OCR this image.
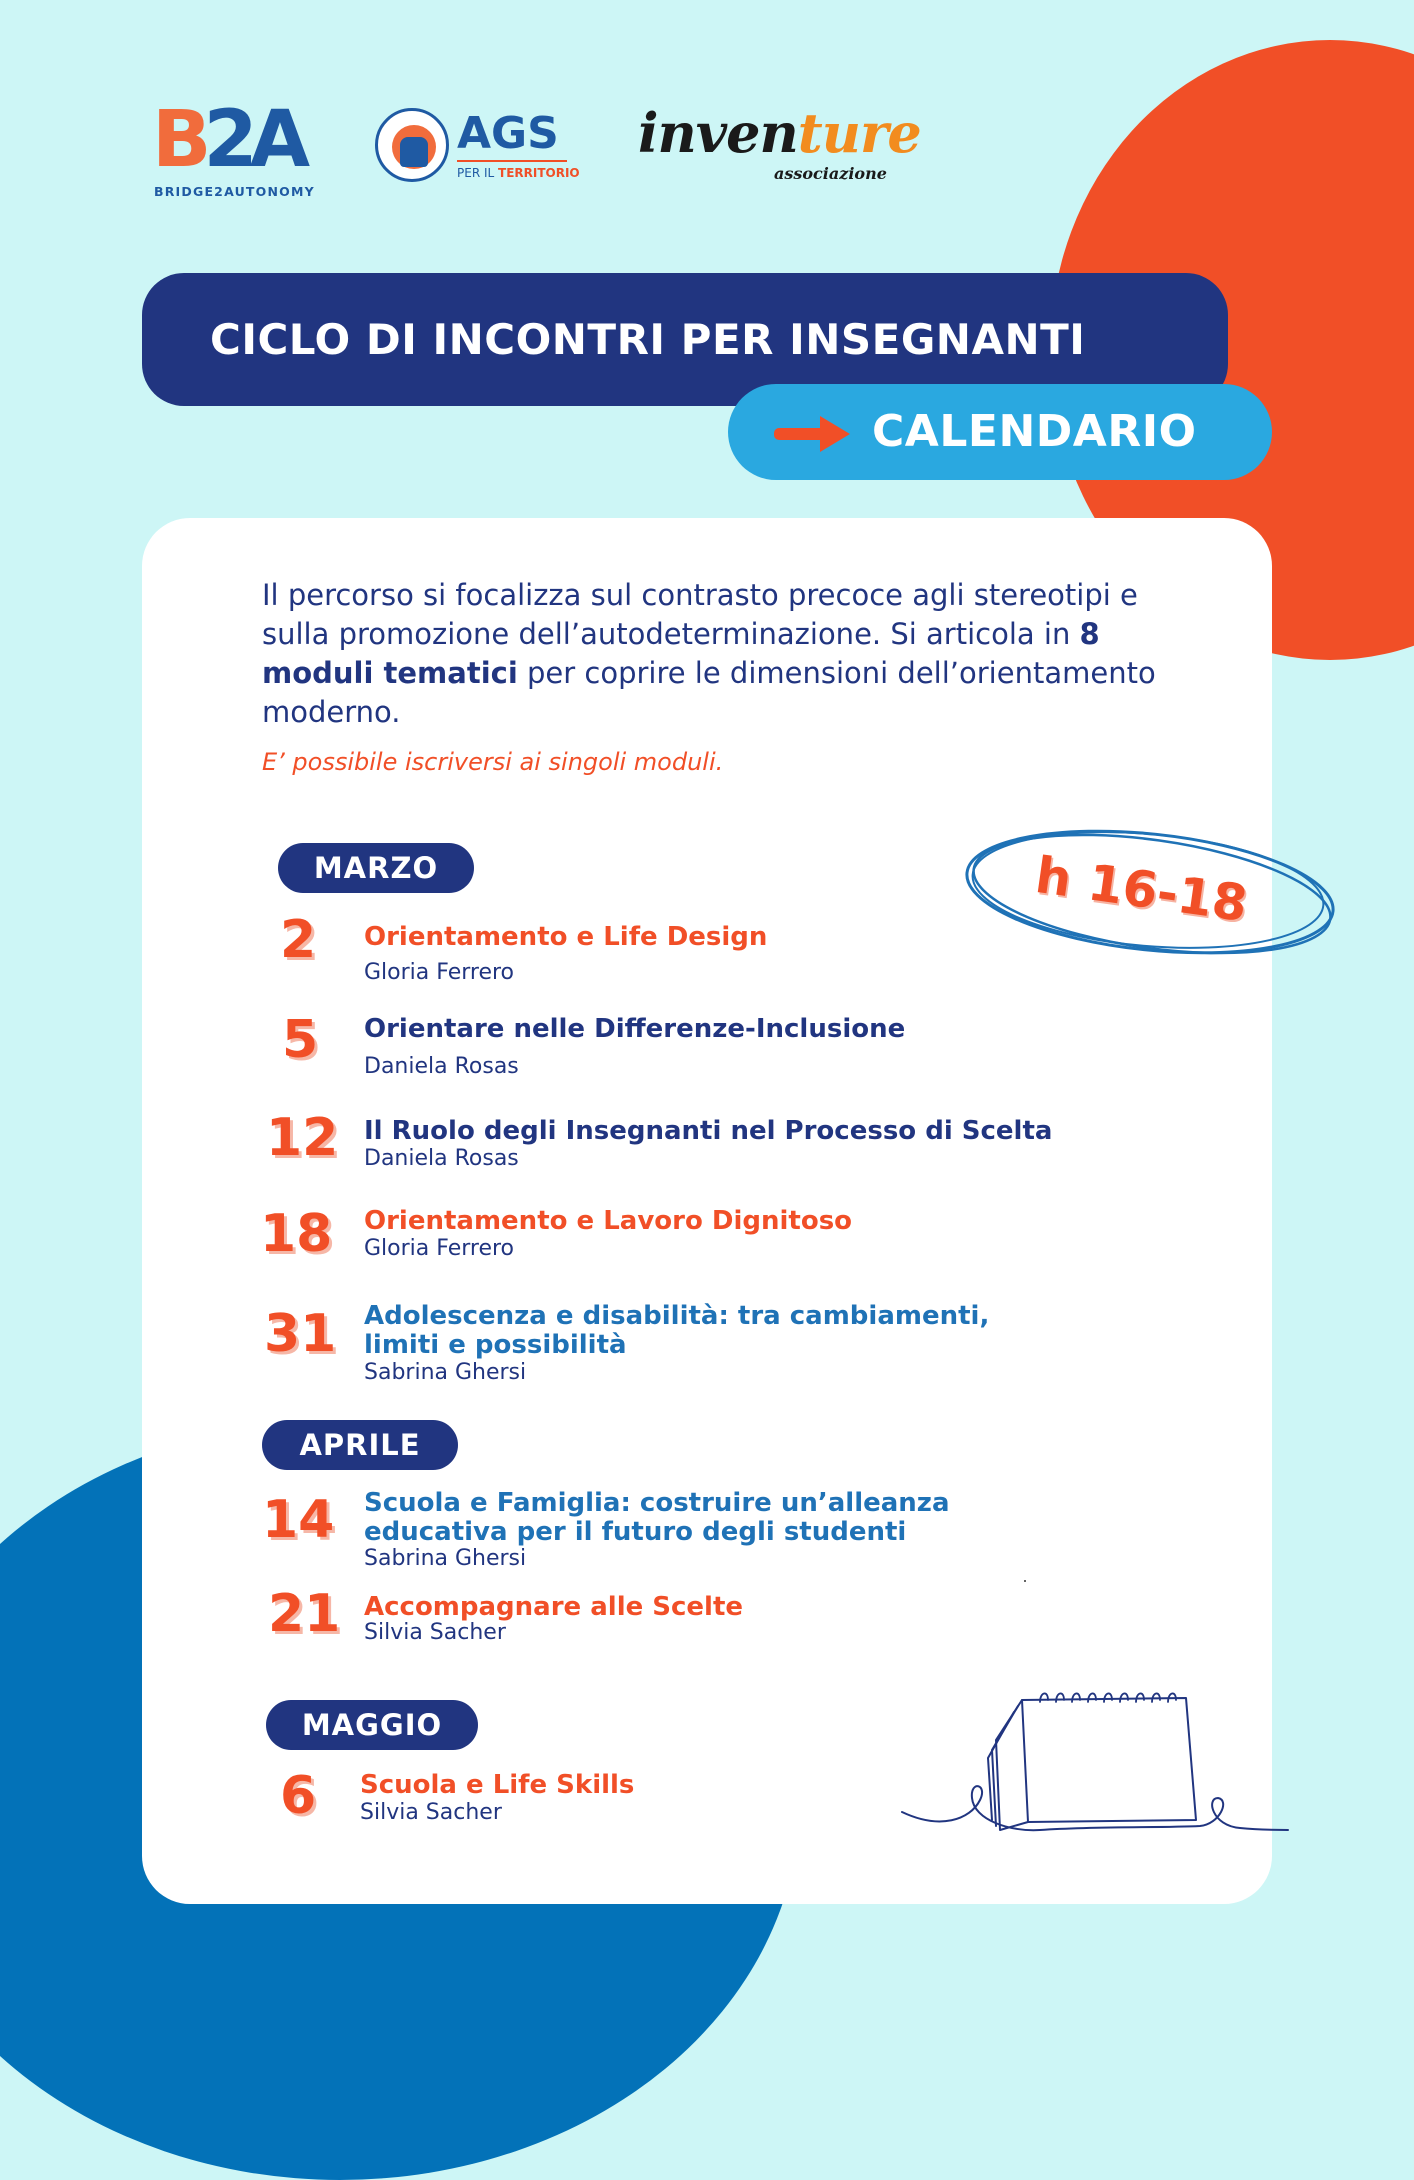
B2A
BRIDGE2AUTONOMY
AGS
PER IL TERRITORIO
inventure
associazione
CICLO DI INCONTRI PER INSEGNANTI
CALENDARIO
Il percorso si focalizza sul contrasto precoce agli stereotipi e sulla promozione dell’autodeterminazione. Si articola in 8 moduli tematici per coprire le dimensioni dell’orientamento moderno.
E’ possibile iscriversi ai singoli moduli.
h 16-18
MARZO
2 Orientamento e Life Design
Gloria Ferrero
5 Orientare nelle Differenze-Inclusione
Daniela Rosas
12 Il Ruolo degli Insegnanti nel Processo di Scelta
Daniela Rosas
18 Orientamento e Lavoro Dignitoso
Gloria Ferrero
31 Adolescenza e disabilità: tra cambiamenti,
limiti e possibilità
Sabrina Ghersi
APRILE
14 Scuola e Famiglia: costruire un’alleanza
educativa per il futuro degli studenti
Sabrina Ghersi
21 Accompagnare alle Scelte
Silvia Sacher
MAGGIO
6 Scuola e Life Skills
Silvia Sacher
